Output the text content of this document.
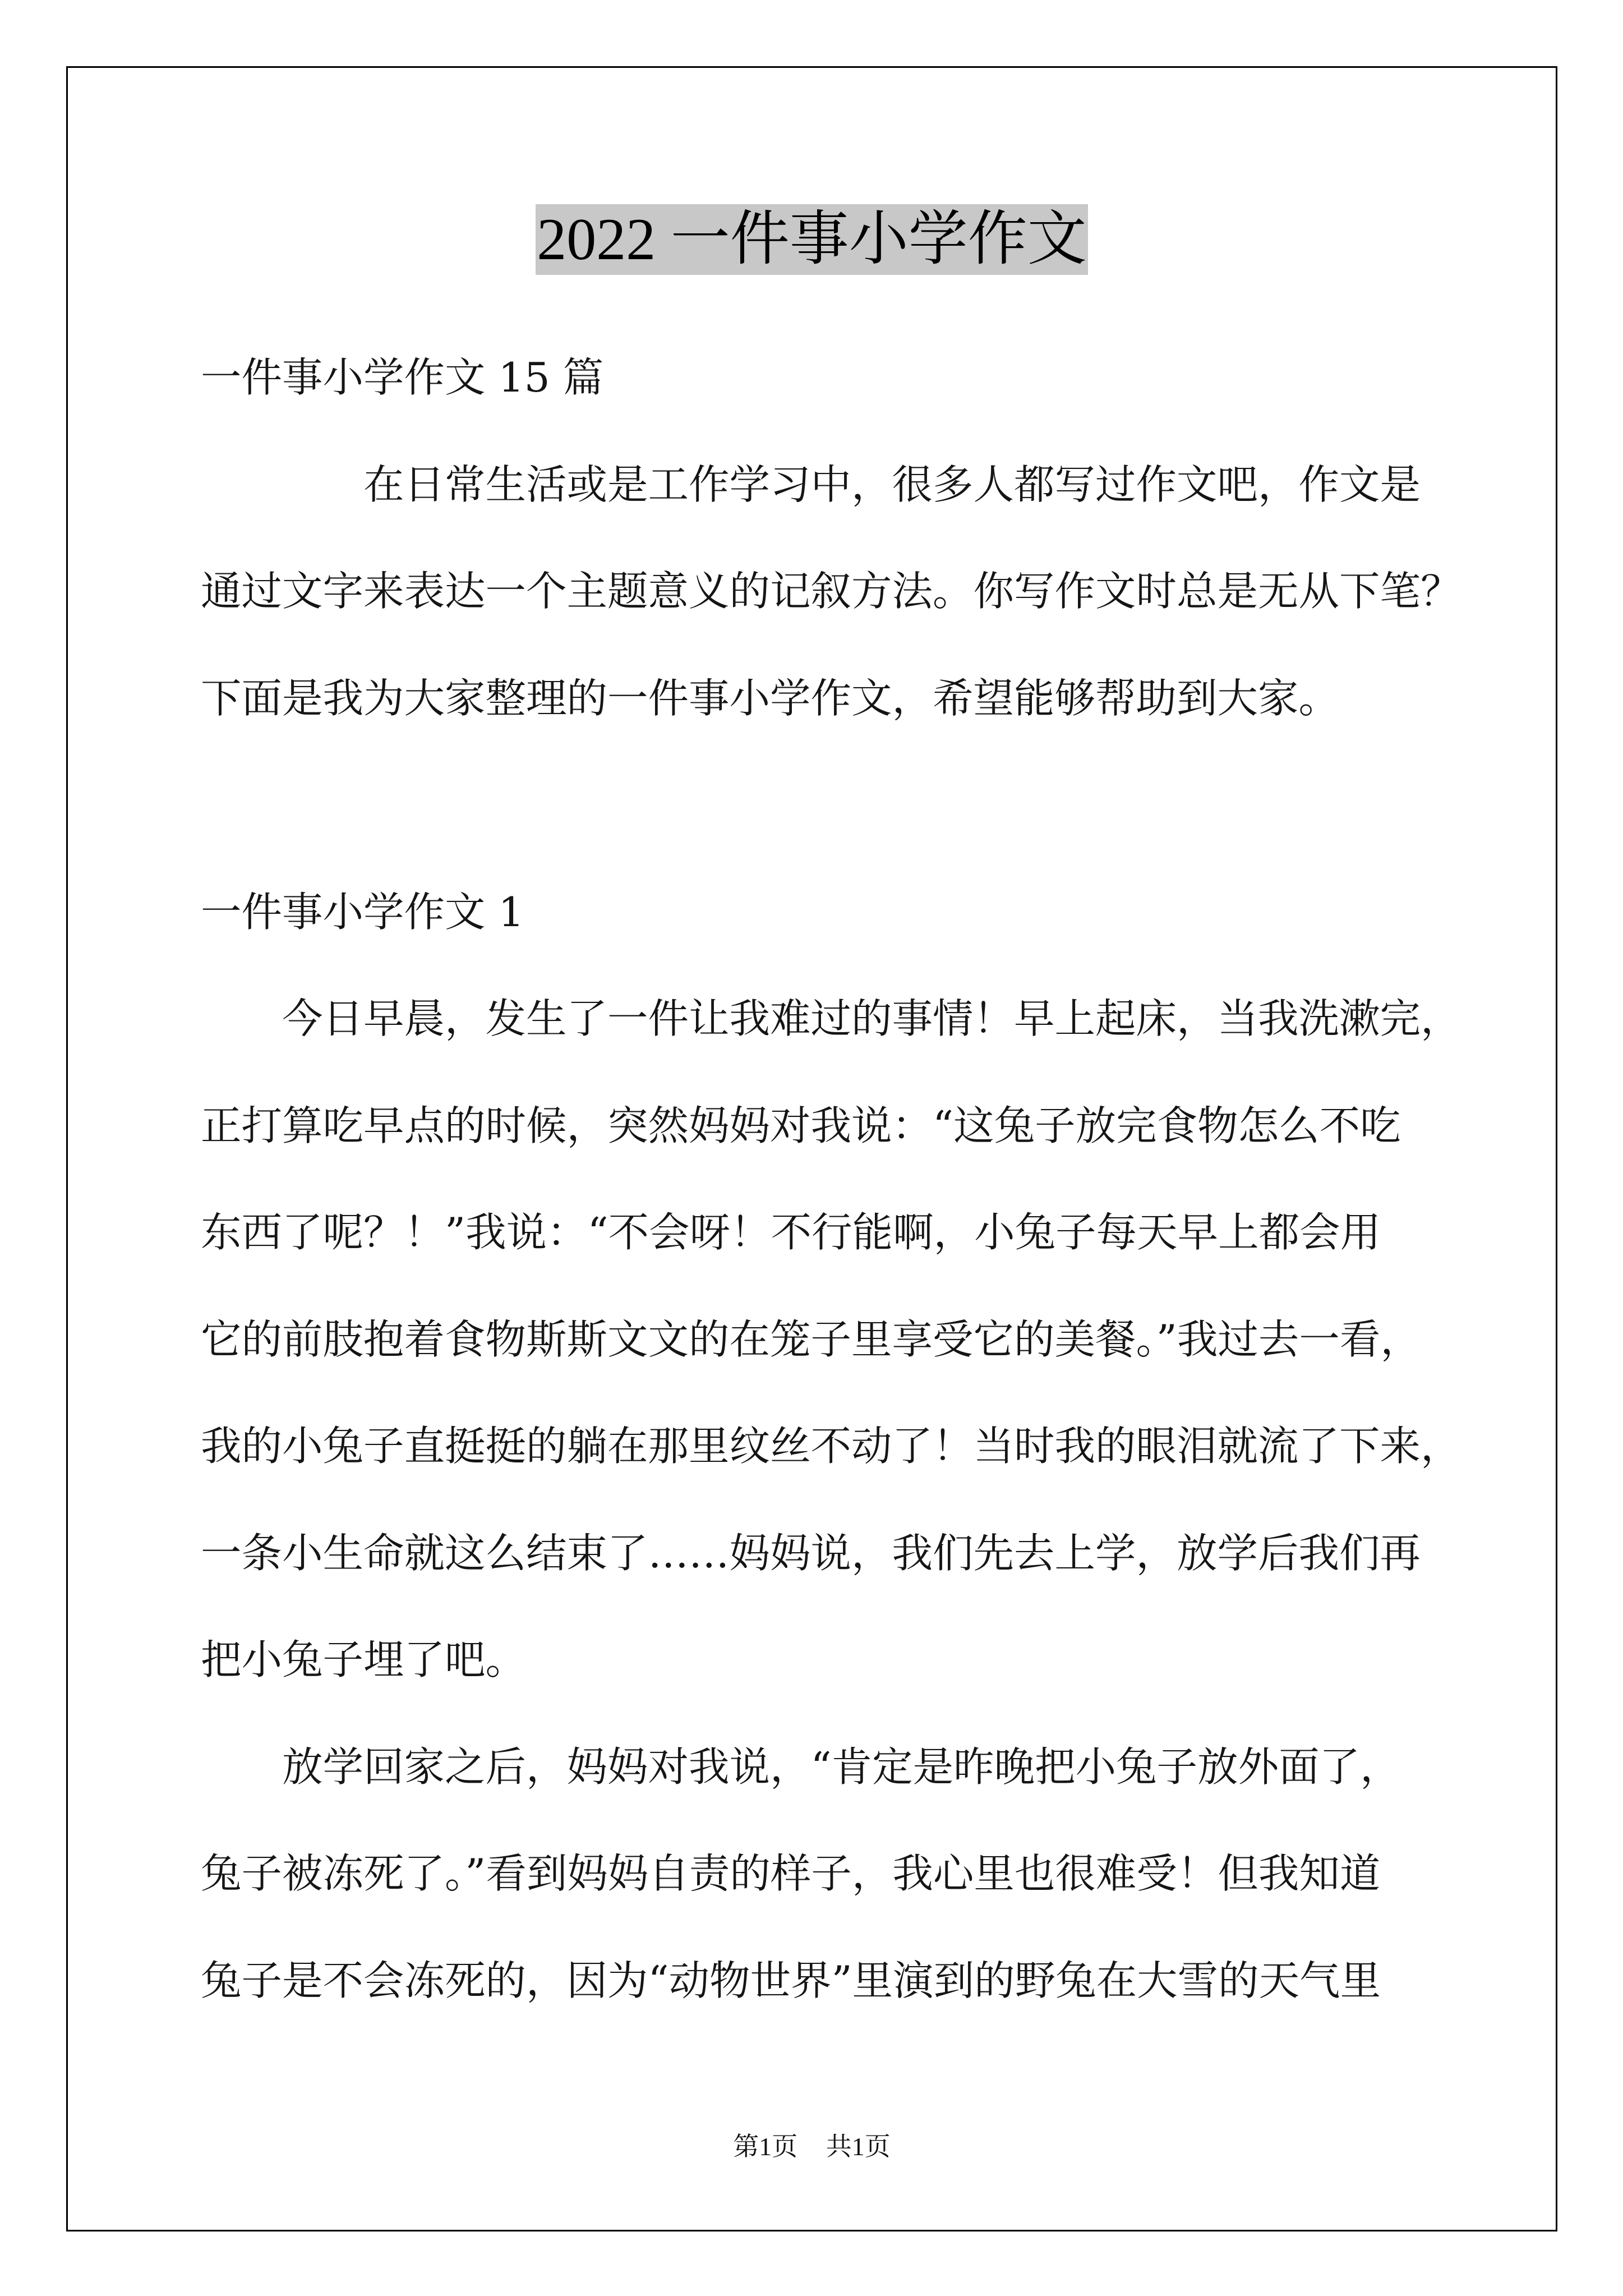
2022 一件事小学作文
一件事小学作文 15 篇
在日常生活或是工作学习中，很多人都写过作文吧，作文是
通过文字来表达一个主题意义的记叙方法。你写作文时总是无从下笔？
下面是我为大家整理的一件事小学作文，希望能够帮助到大家。
一件事小学作文 1
今日早晨，发生了一件让我难过的事情！早上起床，当我洗漱完，
正打算吃早点的时候，突然妈妈对我说：“这兔子放完食物怎么不吃
东西了呢？！”我说：“不会呀！不行能啊，小兔子每天早上都会用
它的前肢抱着食物斯斯文文的在笼子里享受它的美餐。”我过去一看，
我的小兔子直挺挺的躺在那里纹丝不动了！当时我的眼泪就流了下来，
一条小生命就这么结束了……妈妈说，我们先去上学，放学后我们再
把小兔子埋了吧。
放学回家之后，妈妈对我说，“肯定是昨晚把小兔子放外面了，
兔子被冻死了。”看到妈妈自责的样子，我心里也很难受！但我知道
兔子是不会冻死的，因为“动物世界”里演到的野兔在大雪的天气里
第1页 共1页
